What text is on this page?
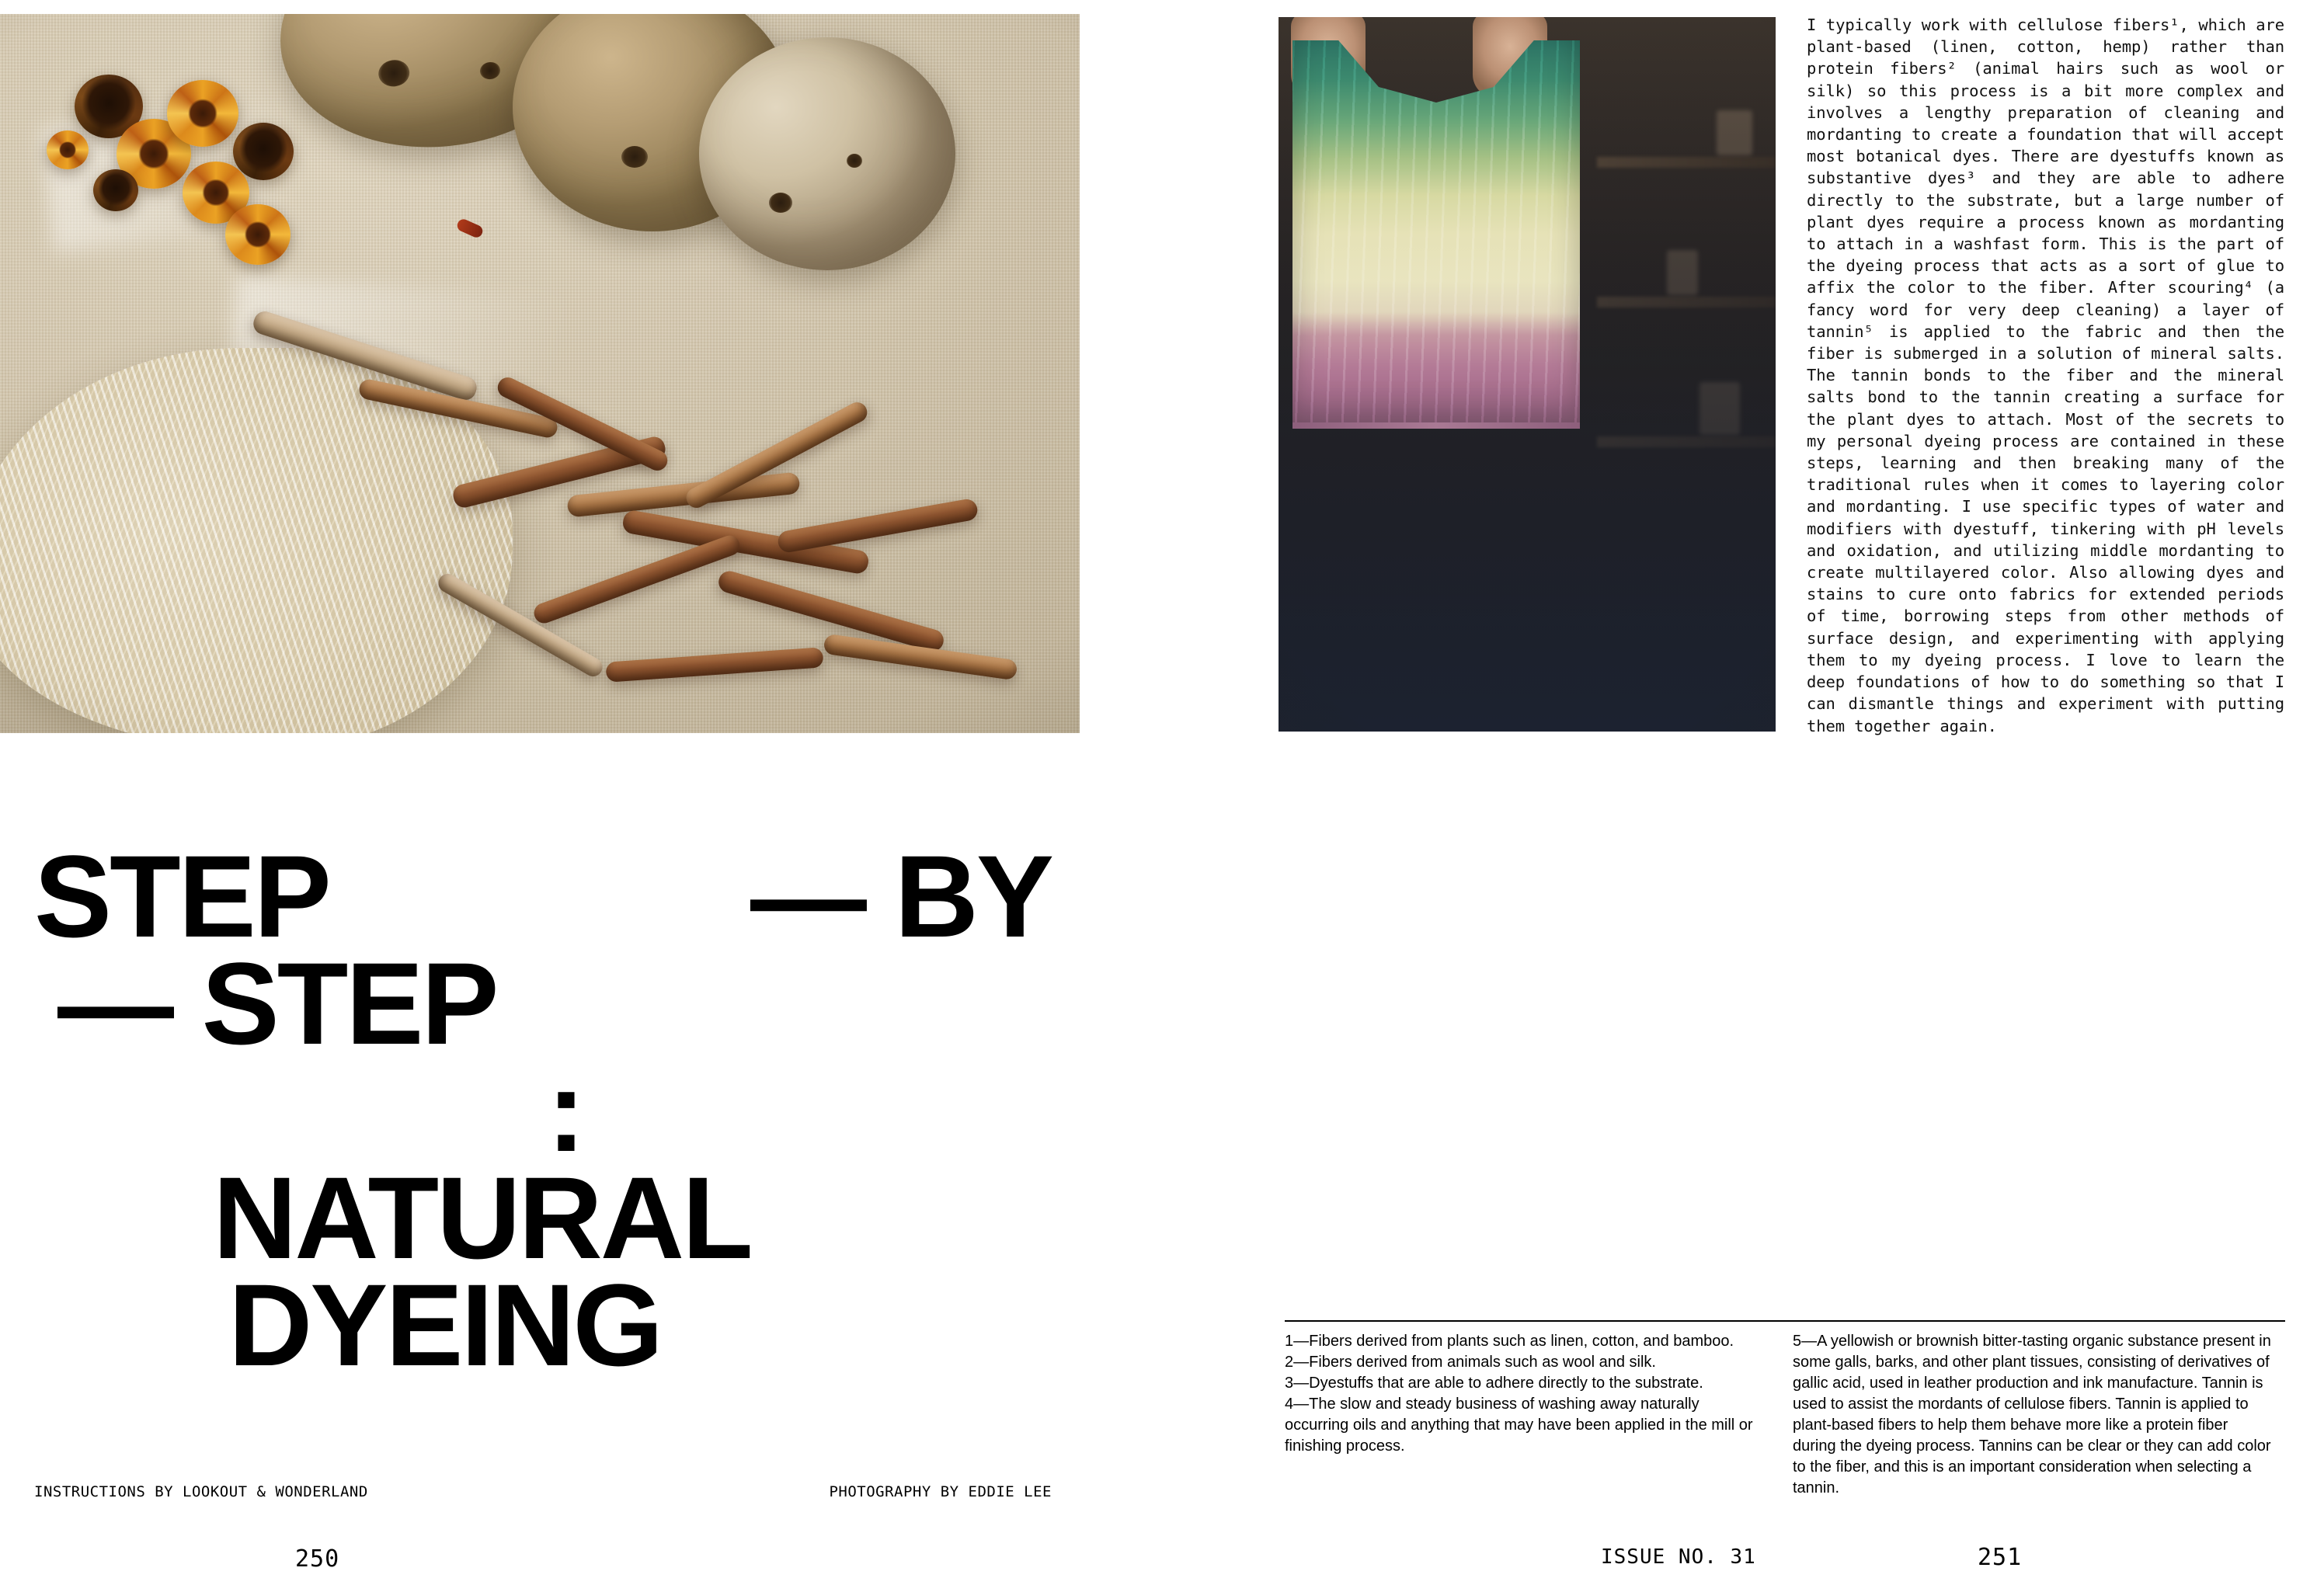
STEP	— BY
— STEP
:
NATURAL
DYEING
INSTRUCTIONS BY LOOKOUT & WONDERLAND	PHOTOGRAPHY BY EDDIE LEE
250
I typically work with cellulose fibers¹, which are plant-based (linen, cotton, hemp) rather than protein fibers² (animal hairs such as wool or silk) so this process is a bit more complex and involves a lengthy preparation of cleaning and mordanting to create a foundation that will accept most botanical dyes. There are dyestuffs known as substantive dyes³ and they are able to adhere directly to the substrate, but a large number of plant dyes require a process known as mordanting to attach in a washfast form. This is the part of the dyeing process that acts as a sort of glue to affix the color to the fiber. After scouring⁴ (a fancy word for very deep cleaning) a layer of tannin⁵ is applied to the fabric and then the fiber is submerged in a solution of mineral salts. The tannin bonds to the fiber and the mineral salts bond to the tannin creating a surface for the plant dyes to attach. Most of the secrets to my personal dyeing process are contained in these steps, learning and then breaking many of the traditional rules when it comes to layering color and mordanting. I use specific types of water and modifiers with dyestuff, tinkering with pH levels and oxidation, and utilizing middle mordanting to create multilayered color. Also allowing dyes and stains to cure onto fabrics for extended periods of time, borrowing steps from other methods of surface design, and experimenting with applying them to my dyeing process. I love to learn the deep foundations of how to do something so that I can dismantle things and experiment with putting them together again.

1—Fibers derived from plants such as linen, cotton, and bamboo.

2—Fibers derived from animals such as wool and silk.

3—Dyestuffs that are able to adhere directly to the substrate.

4—The slow and steady business of washing away naturally occurring oils and anything that may have been applied in the mill or finishing process.

5—A yellowish or brownish bitter-tasting organic substance present in some galls, barks, and other plant tissues, consisting of derivatives of gallic acid, used in leather production and ink manufacture. Tannin is used to assist the mordants of cellulose fibers. Tannin is applied to plant-based fibers to help them behave more like a protein fiber during the dyeing process. Tannins can be clear or they can add color to the fiber, and this is an important consideration when selecting a tannin.

ISSUE NO. 31	251
